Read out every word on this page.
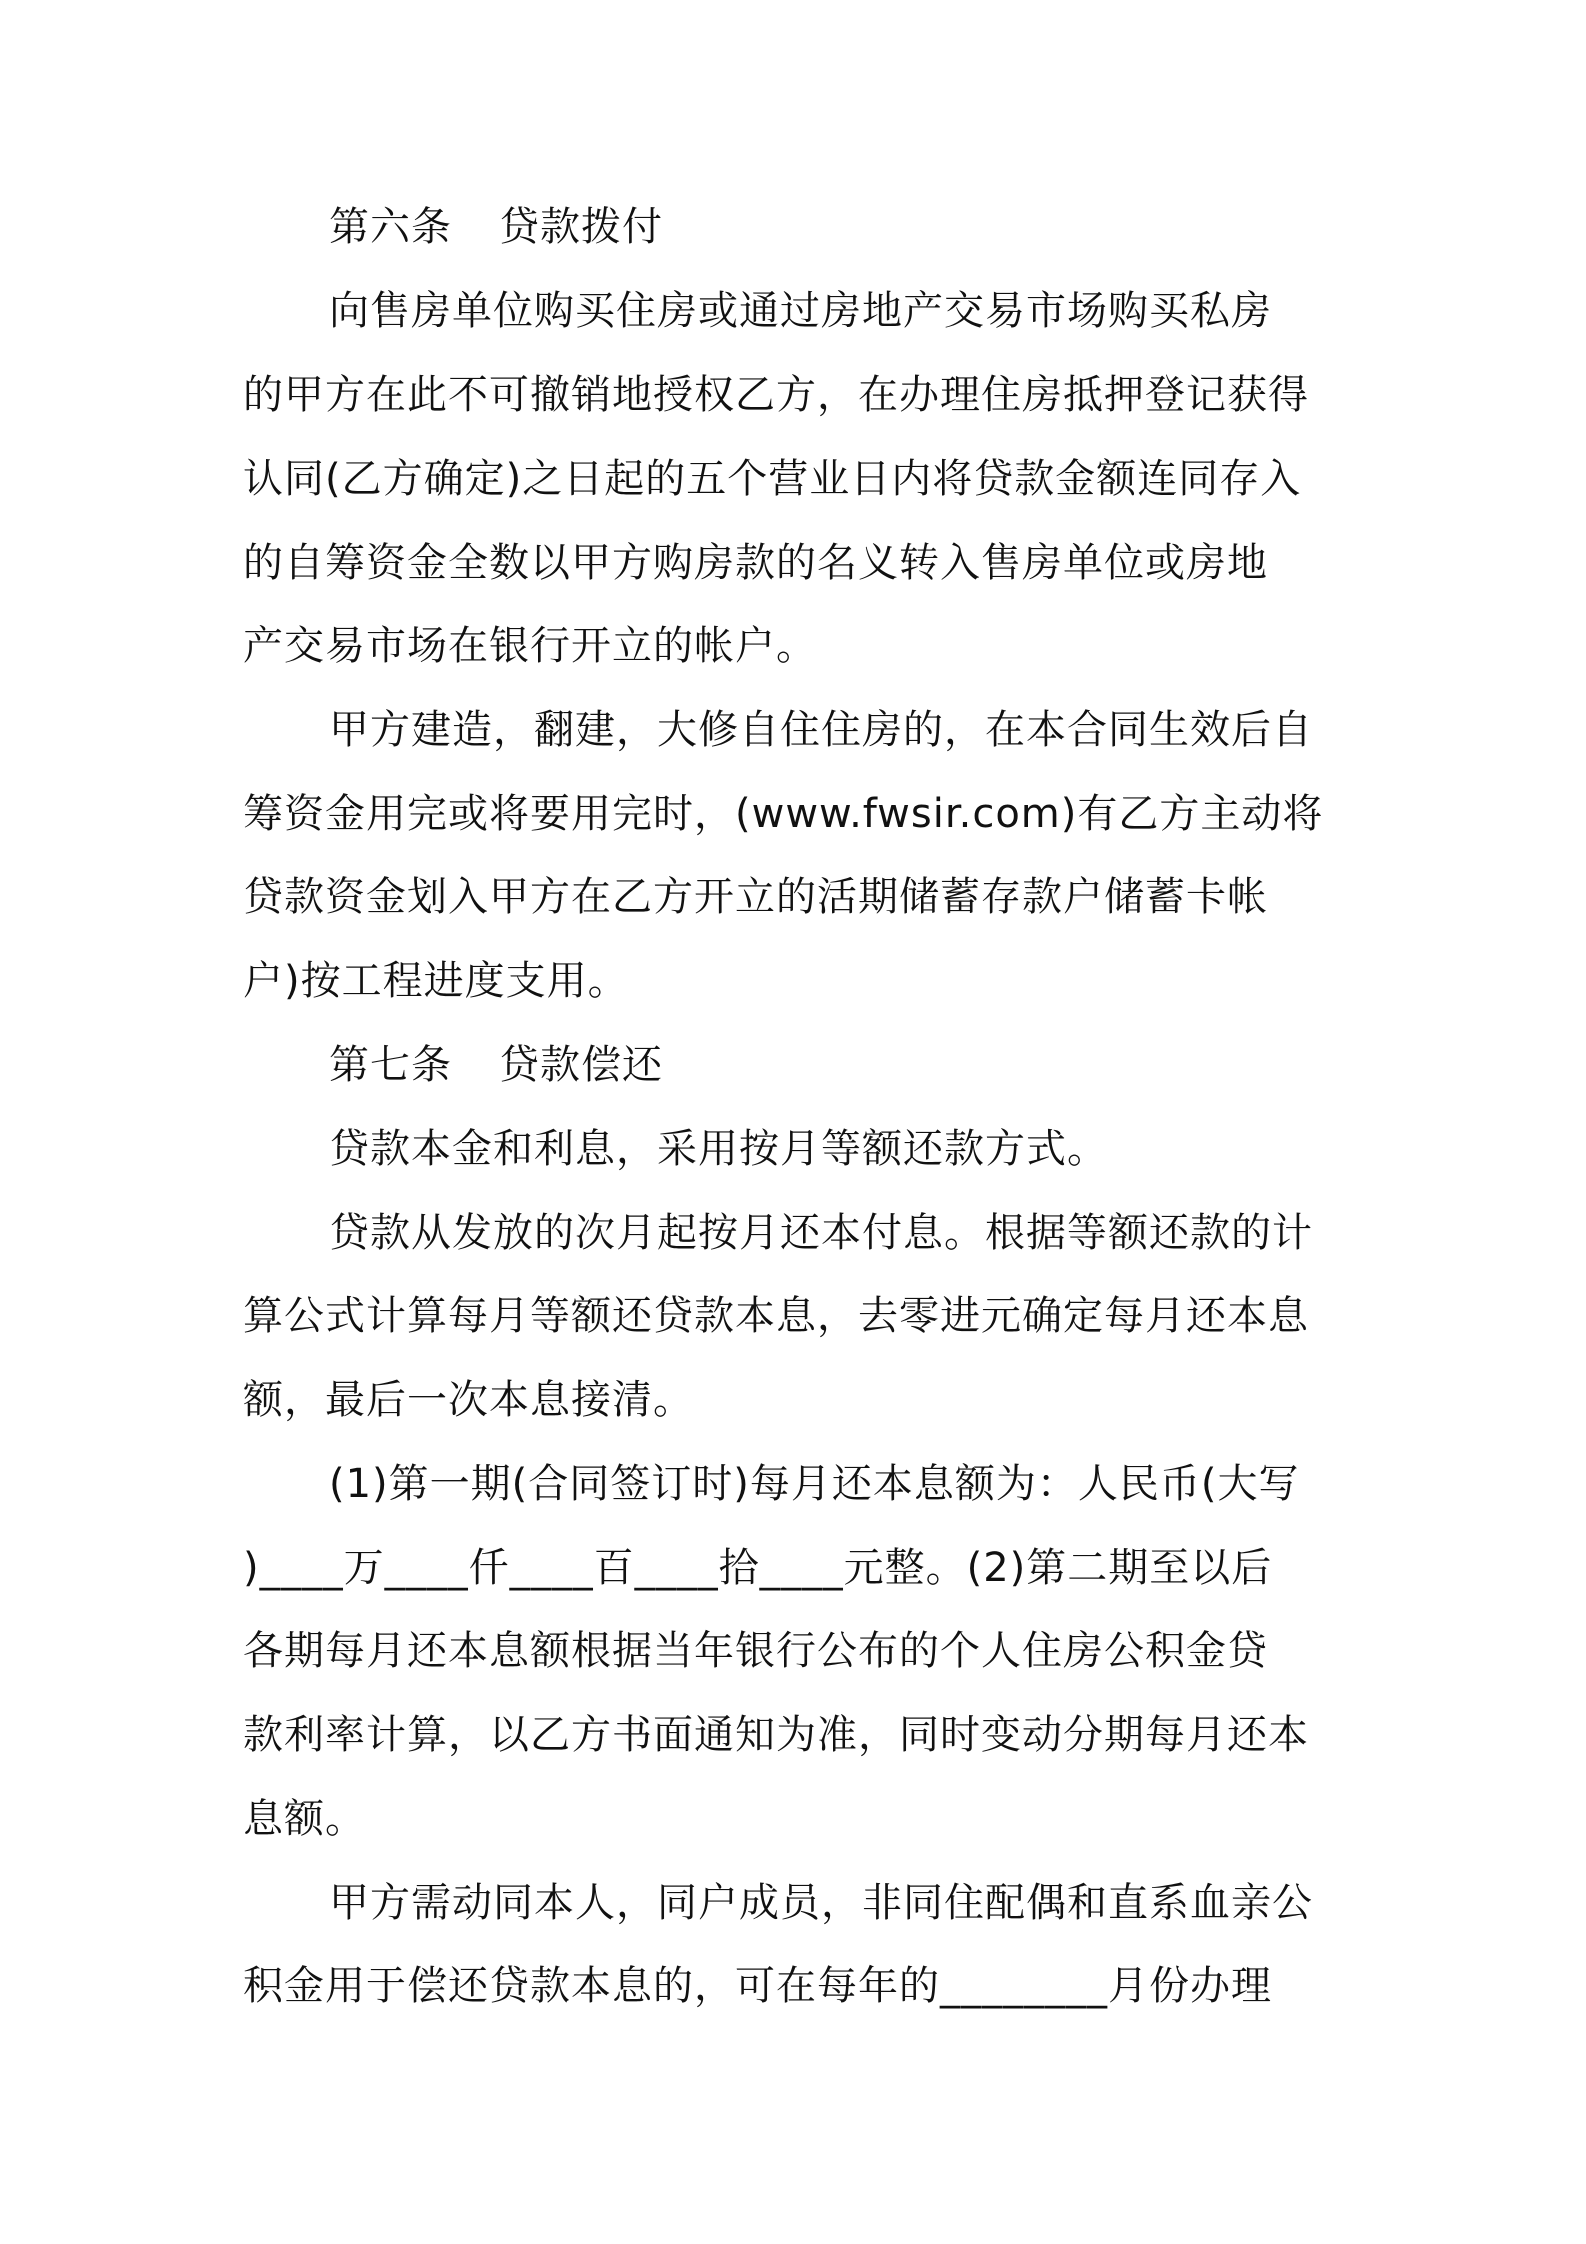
第六条 贷款拨付
向售房单位购买住房或通过房地产交易市场购买私房
的甲方在此不可撤销地授权乙方，在办理住房抵押登记获得
认同(乙方确定)之日起的五个营业日内将贷款金额连同存入
的自筹资金全数以甲方购房款的名义转入售房单位或房地
产交易市场在银行开立的帐户。
甲方建造，翻建，大修自住住房的，在本合同生效后自
筹资金用完或将要用完时，(www.fwsir.com)有乙方主动将
贷款资金划入甲方在乙方开立的活期储蓄存款户储蓄卡帐
户)按工程进度支用。
第七条 贷款偿还
贷款本金和利息，采用按月等额还款方式。
贷款从发放的次月起按月还本付息。根据等额还款的计
算公式计算每月等额还贷款本息，去零进元确定每月还本息
额，最后一次本息接清。
(1)第一期(合同签订时)每月还本息额为：人民币(大写
)____万____仟____百____拾____元整。(2)第二期至以后
各期每月还本息额根据当年银行公布的个人住房公积金贷
款利率计算，以乙方书面通知为准，同时变动分期每月还本
息额。
甲方需动同本人，同户成员，非同住配偶和直系血亲公
积金用于偿还贷款本息的，可在每年的________月份办理
